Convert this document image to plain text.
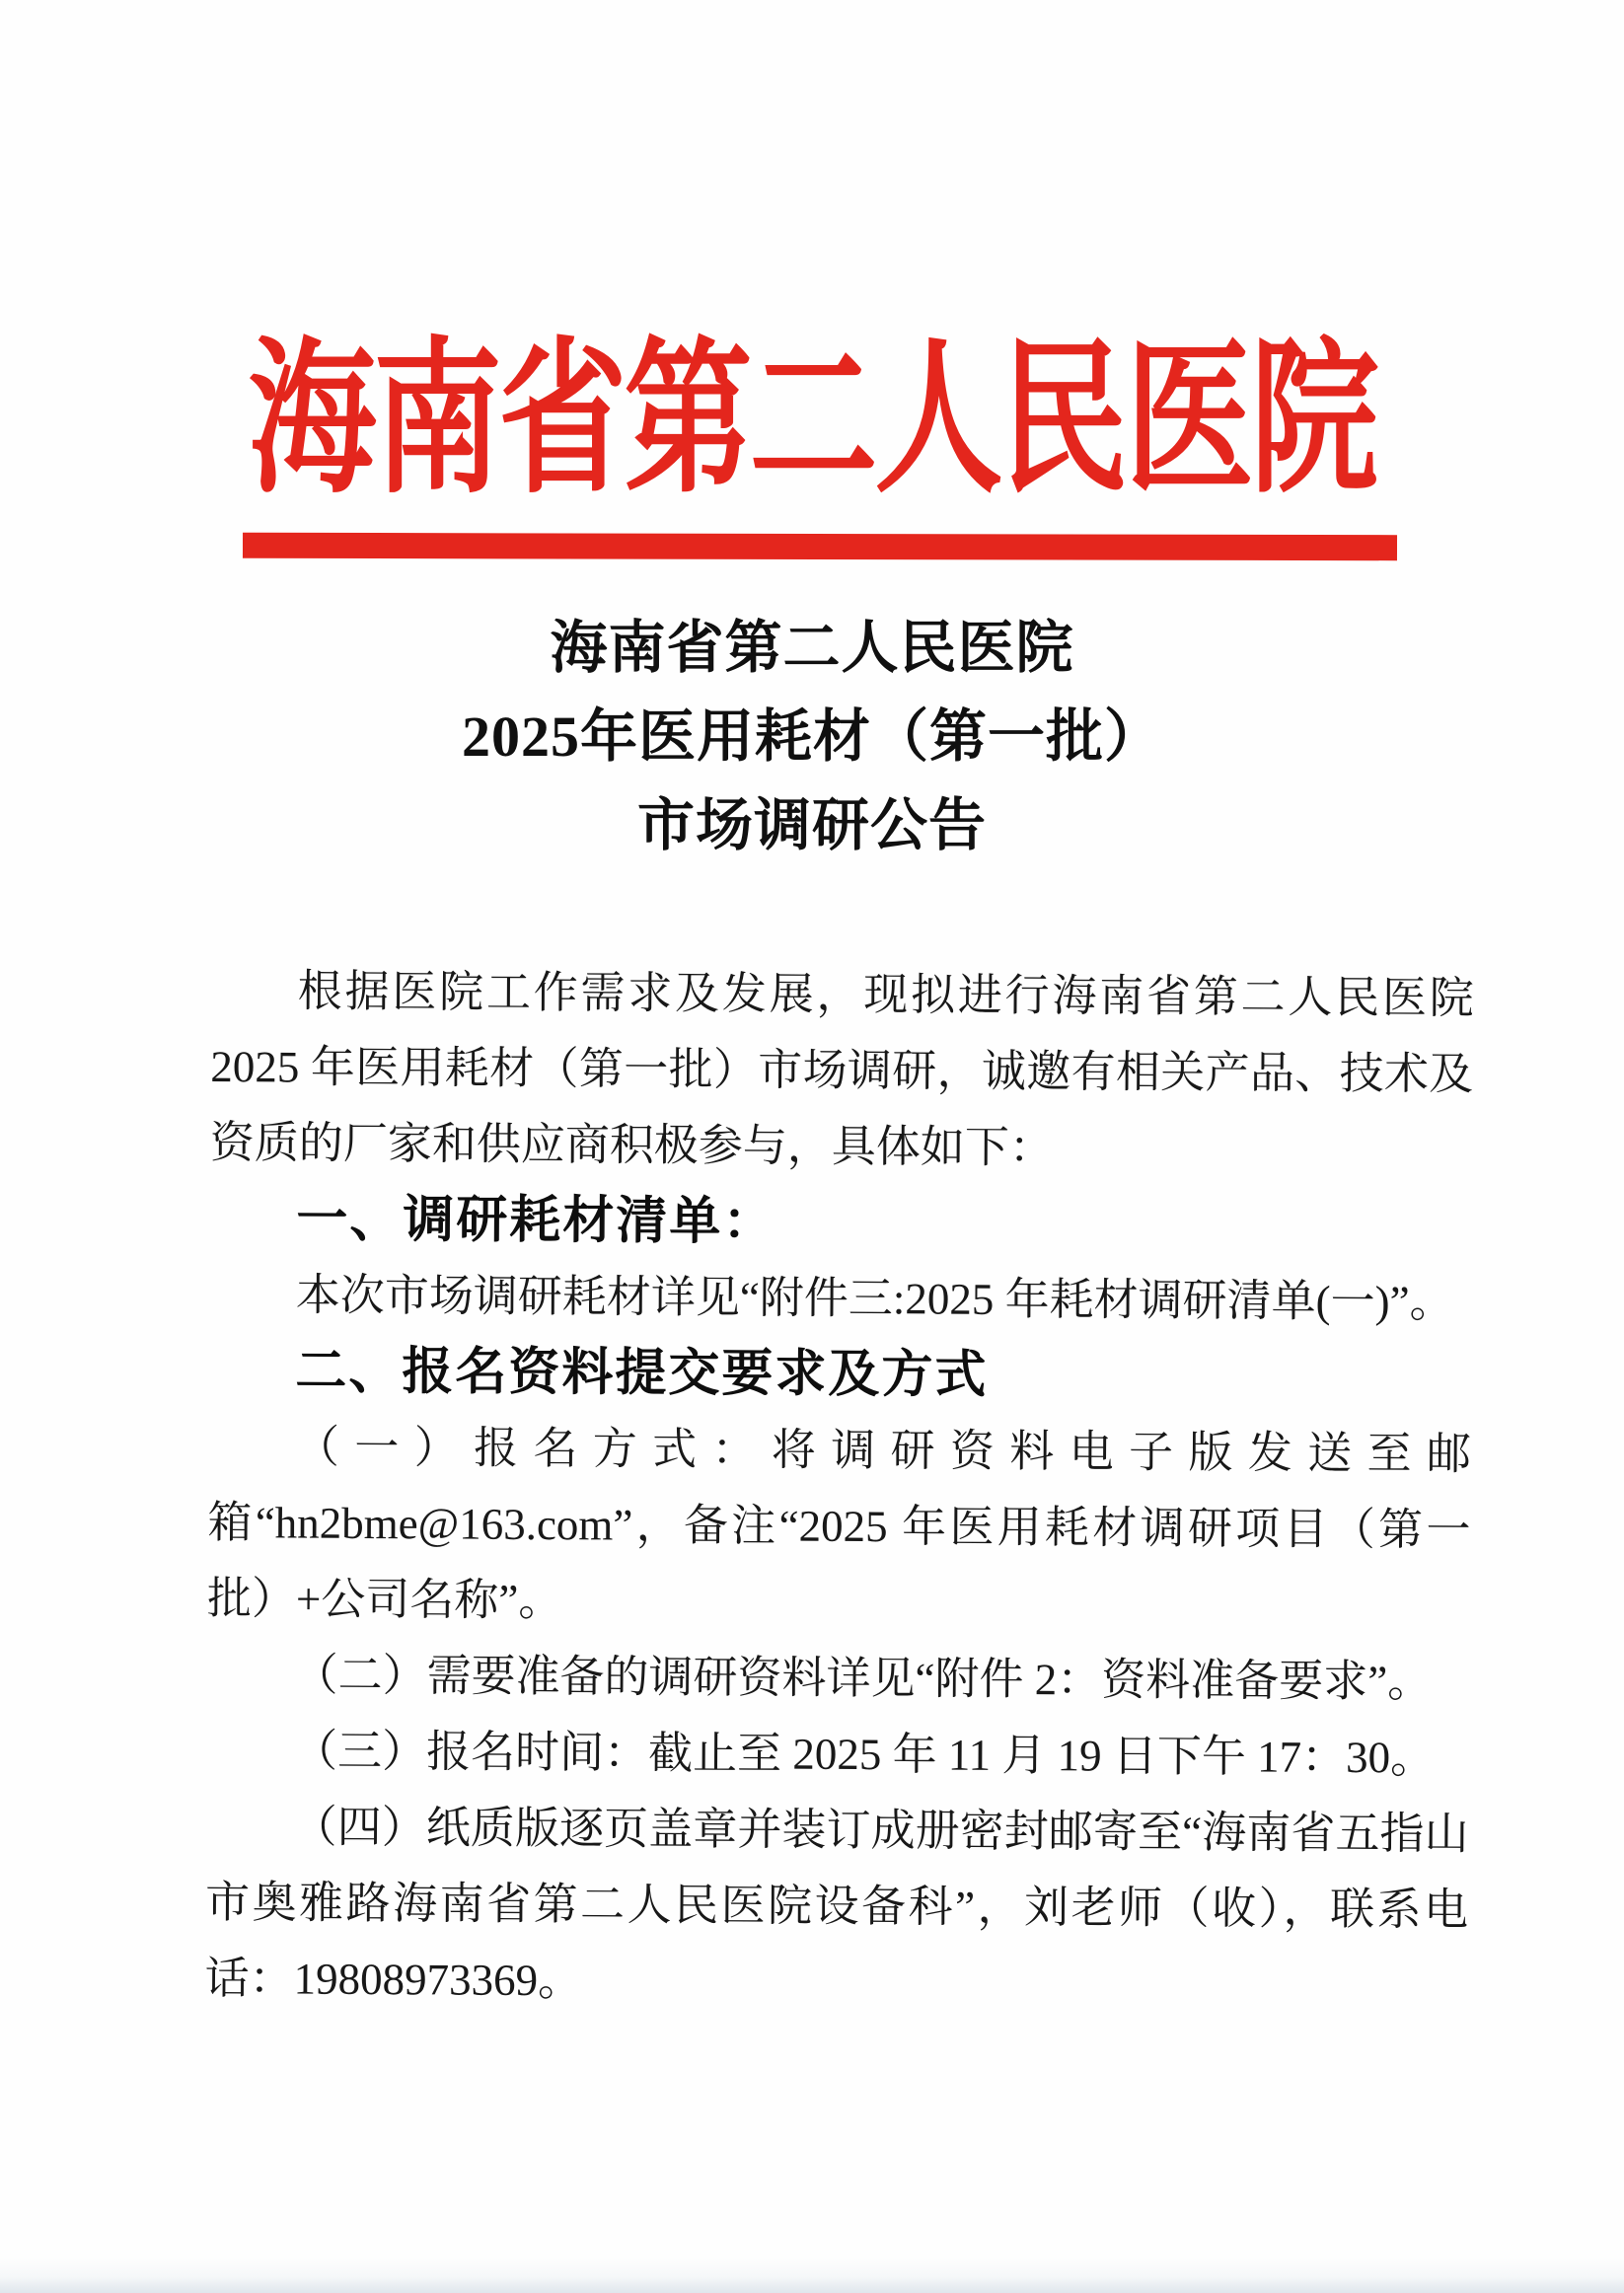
海南省第二人民医院
海南省第二人民医院
2025年医用耗材（第一批）
市场调研公告

根据医院工作需求及发展，现拟进行海南省第二人民医院 2025 年医用耗材（第一批）市场调研，诚邀有相关产品、技术及资质的厂家和供应商积极参与，具体如下：

一、调研耗材清单：

本次市场调研耗材详见“附件三:2025 年耗材调研清单(一)”。

二、报名资料提交要求及方式

（一）报名方式：将调研资料电子版发送至邮箱“hn2bme@163.com”，备注“2025 年医用耗材调研项目（第一批）+公司名称”。

（二）需要准备的调研资料详见“附件 2：资料准备要求”。

（三）报名时间：截止至 2025 年 11 月 19 日下午 17：30。

（四）纸质版逐页盖章并装订成册密封邮寄至“海南省五指山市奥雅路海南省第二人民医院设备科”，刘老师（收），联系电话：19808973369。
